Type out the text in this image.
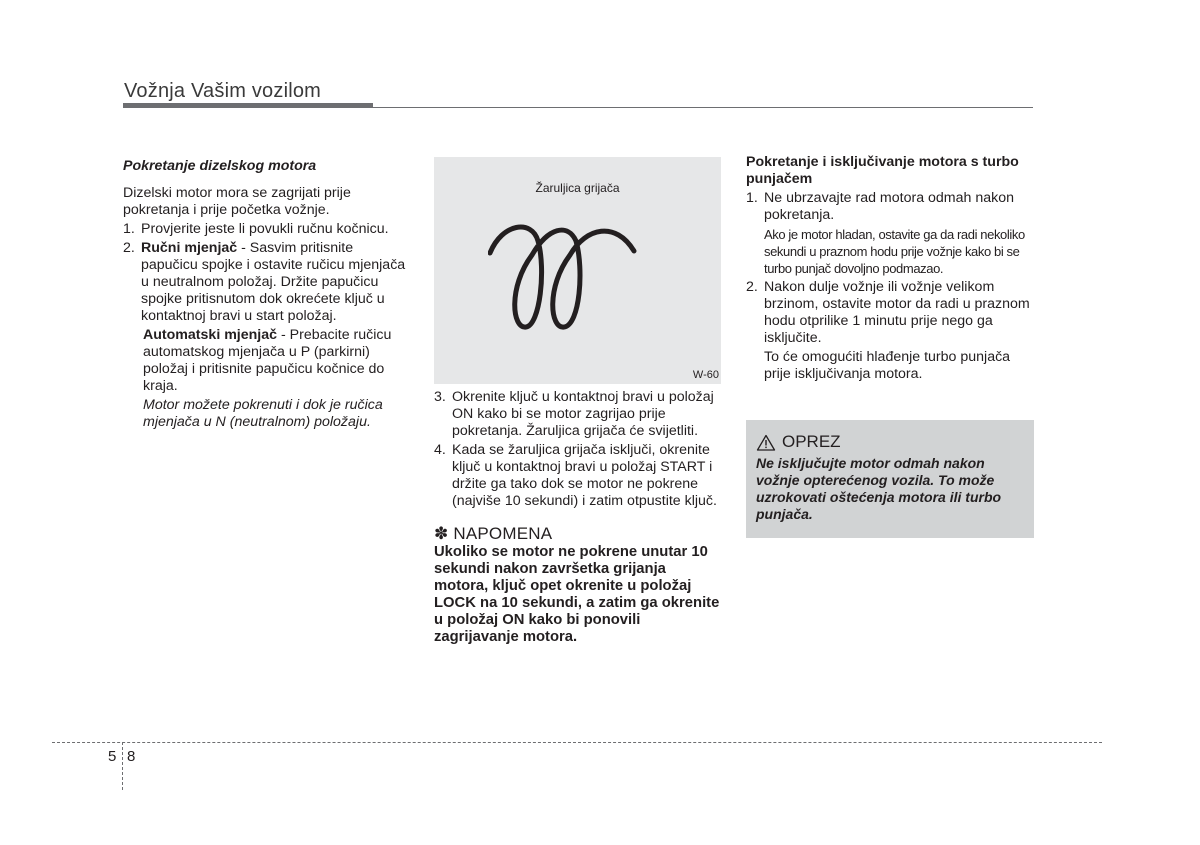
Vožnja Vašim vozilom

Pokretanje dizelskog motora

Dizelski motor mora se zagrijati prije pokretanja i prije početka vožnje.

1. Provjerite jeste li povukli ručnu kočnicu.
2. Ručni mjenjač - Sasvim pritisnite papučicu spojke i ostavite ručicu mjenjača u neutralnom položaj. Držite papučicu spojke pritisnutom dok okrećete ključ u kontaktnoj bravi u start položaj.
Automatski mjenjač - Prebacite ručicu automatskog mjenjača u P (parkirni) položaj i pritisnite papučicu kočnice do kraja.
Motor možete pokrenuti i dok je ručica mjenjača u N (neutralnom) položaju.
Žaruljica grijača
W-60
3. Okrenite ključ u kontaktnoj bravi u položaj ON kako bi se motor zagrijao prije pokretanja. Žaruljica grijača će svijetliti.
4. Kada se žaruljica grijača isključi, okrenite ključ u kontaktnoj bravi u položaj START i držite ga tako dok se motor ne pokrene (najviše 10 sekundi) i zatim otpustite ključ.

✽ NAPOMENA

Ukoliko se motor ne pokrene unutar 10 sekundi nakon završetka grijanja motora, ključ opet okrenite u položaj LOCK na 10 sekundi, a zatim ga okrenite u položaj ON kako bi ponovili zagrijavanje motora.

Pokretanje i isključivanje motora s turbo punjačem

1. Ne ubrzavajte rad motora odmah nakon pokretanja.
Ako je motor hladan, ostavite ga da radi nekoliko sekundi u praznom hodu prije vožnje kako bi se turbo punjač dovoljno podmazao.
2. Nakon dulje vožnje ili vožnje velikom brzinom, ostavite motor da radi u praznom hodu otprilike 1 minutu prije nego ga isključite.
To će omogućiti hlađenje turbo punjača prije isključivanja motora.
OPREZ
Ne isključujte motor odmah nakon vožnje opterećenog vozila. To može uzrokovati oštećenja motora ili turbo punjača.
5 8
